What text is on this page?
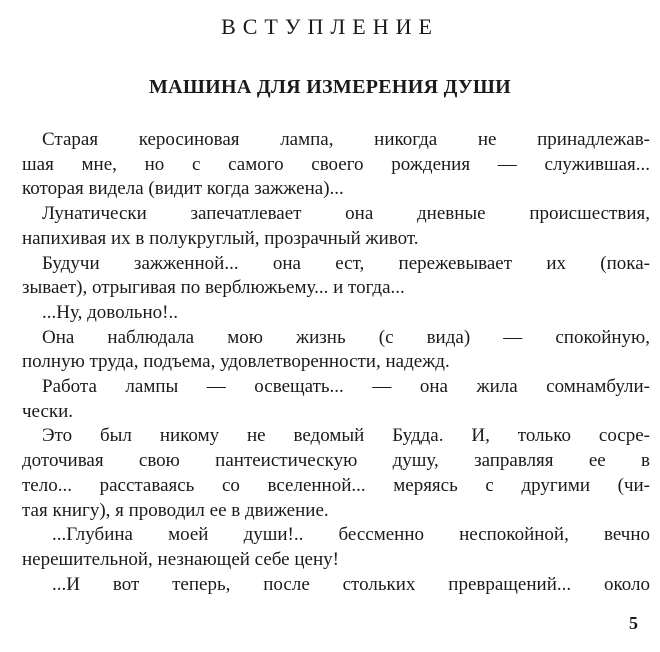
ВСТУПЛЕНИЕ
МАШИНА ДЛЯ ИЗМЕРЕНИЯ ДУШИ
Старая керосиновая лампа, никогда не принадлежав-
шая мне, но с самого своего рождения — служившая...
которая видела (видит когда зажжена)...
Лунатически запечатлевает она дневные происшествия,
напихивая их в полукруглый, прозрачный живот.
Будучи зажженной... она ест, пережевывает их (пока-
зывает), отрыгивая по верблюжьему... и тогда...
...Ну, довольно!..
Она наблюдала мою жизнь (с вида) — спокойную,
полную труда, подъема, удовлетворенности, надежд.
Работа лампы — освещать... — она жила сомнамбули-
чески.
Это был никому не ведомый Будда. И, только сосре-
доточивая свою пантеистическую душу, заправляя ее в
тело... расставаясь со вселенной... меряясь с другими (чи-
тая книгу), я проводил ее в движение.
...Глубина моей души!.. бессменно неспокойной, вечно
нерешительной, незнающей себе цену!
...И вот теперь, после стольких превращений... около
5
